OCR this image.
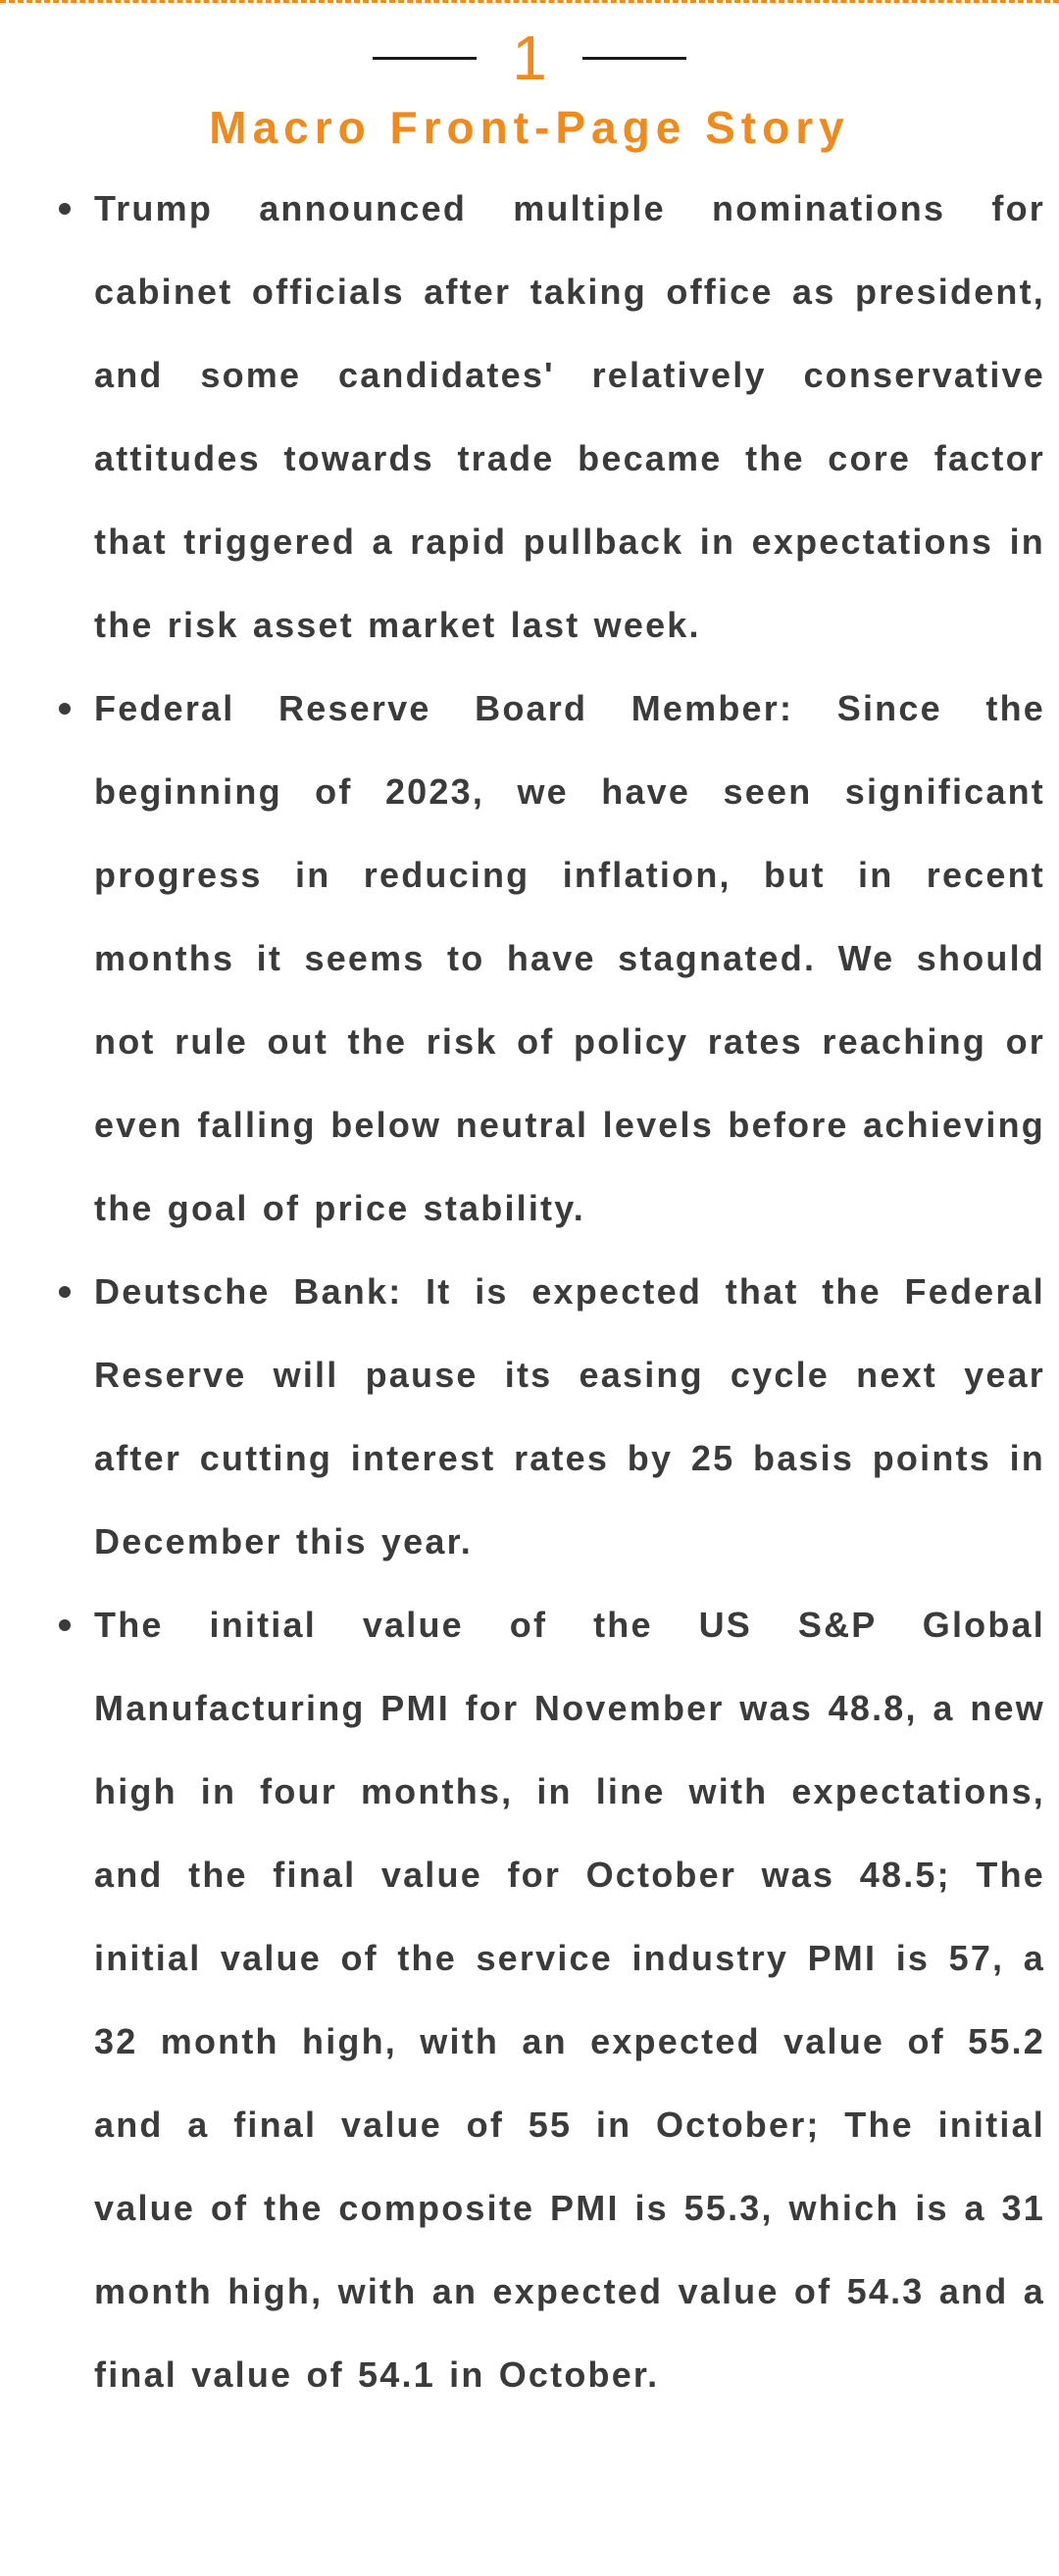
1
Macro Front-Page Story
Trump announced multiple nominations for cabinet officials after taking office as president, and some candidates' relatively conservative attitudes towards trade became the core factor that triggered a rapid pullback in expectations in the risk asset market last week.
Federal Reserve Board Member: Since the beginning of 2023, we have seen significant progress in reducing inflation, but in recent months it seems to have stagnated. We should not rule out the risk of policy rates reaching or even falling below neutral levels before achieving the goal of price stability.
Deutsche Bank: It is expected that the Federal Reserve will pause its easing cycle next year after cutting interest rates by 25 basis points in December this year.
The initial value of the US S&P Global Manufacturing PMI for November was 48.8, a new high in four months, in line with expectations, and the final value for October was 48.5; The initial value of the service industry PMI is 57, a 32 month high, with an expected value of 55.2 and a final value of 55 in October; The initial value of the composite PMI is 55.3, which is a 31 month high, with an expected value of 54.3 and a final value of 54.1 in October.
